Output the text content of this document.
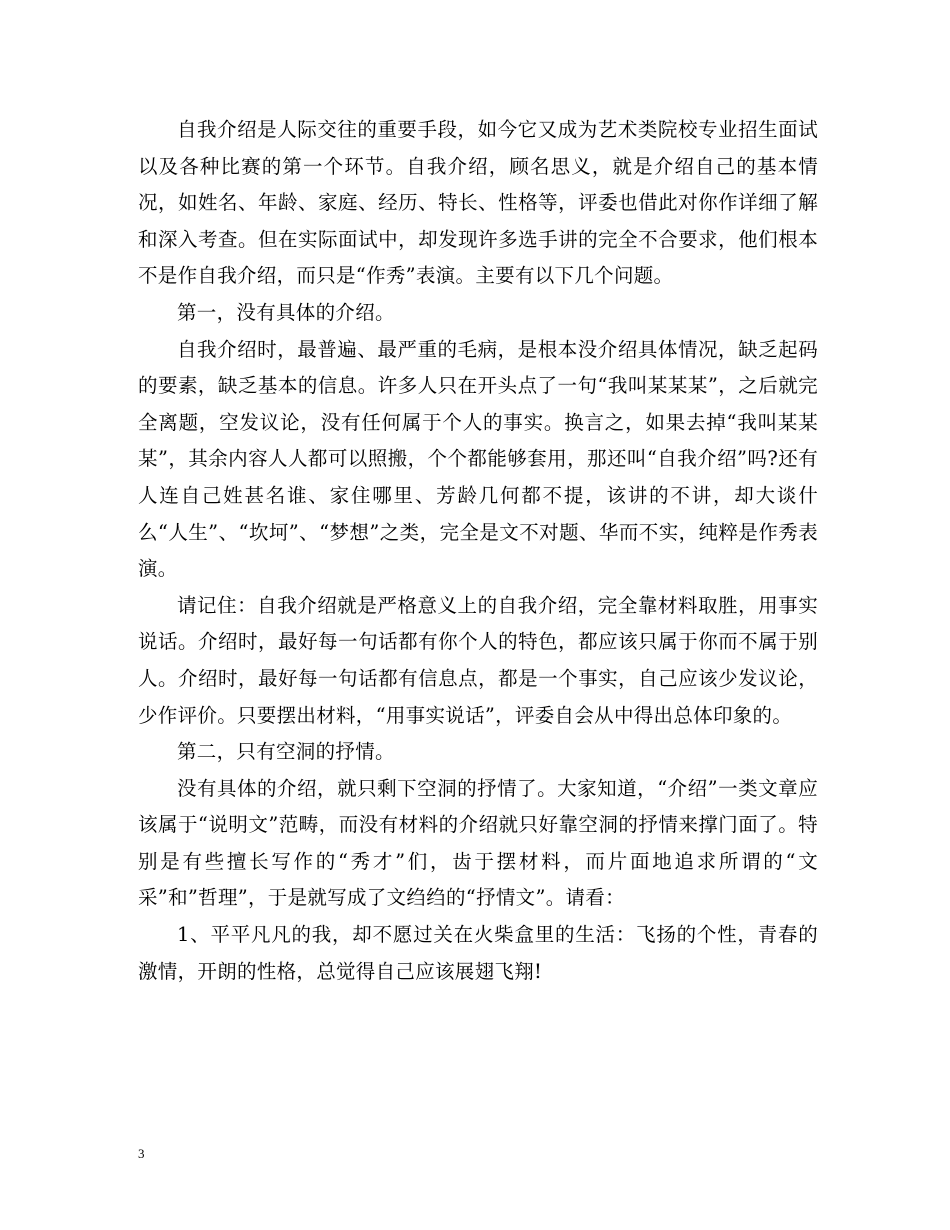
自我介绍是人际交往的重要手段，如今它又成为艺术类院校专业招生面试以及各种比赛的第一个环节。自我介绍，顾名思义，就是介绍自己的基本情况，如姓名、年龄、家庭、经历、特长、性格等，评委也借此对你作详细了解和深入考查。但在实际面试中，却发现许多选手讲的完全不合要求，他们根本不是作自我介绍，而只是“作秀”表演。主要有以下几个问题。

第一，没有具体的介绍。

自我介绍时，最普遍、最严重的毛病，是根本没介绍具体情况，缺乏起码的要素，缺乏基本的信息。许多人只在开头点了一句“我叫某某某”，之后就完全离题，空发议论，没有任何属于个人的事实。换言之，如果去掉“我叫某某某”，其余内容人人都可以照搬，个个都能够套用，那还叫“自我介绍”吗?还有人连自己姓甚名谁、家住哪里、芳龄几何都不提，该讲的不讲，却大谈什么“人生”、“坎坷”、“梦想”之类，完全是文不对题、华而不实，纯粹是作秀表演。

请记住：自我介绍就是严格意义上的自我介绍，完全靠材料取胜，用事实说话。介绍时，最好每一句话都有你个人的特色，都应该只属于你而不属于别人。介绍时，最好每一句话都有信息点，都是一个事实，自己应该少发议论，少作评价。只要摆出材料，“用事实说话”，评委自会从中得出总体印象的。

第二，只有空洞的抒情。

没有具体的介绍，就只剩下空洞的抒情了。大家知道，“介绍”一类文章应该属于“说明文”范畴，而没有材料的介绍就只好靠空洞的抒情来撑门面了。特别是有些擅长写作的“秀才”们，齿于摆材料，而片面地追求所谓的“文采”和”哲理”，于是就写成了文绉绉的“抒情文”。请看：

1、平平凡凡的我，却不愿过关在火柴盒里的生活：飞扬的个性，青春的激情，开朗的性格，总觉得自己应该展翅飞翔!

3
